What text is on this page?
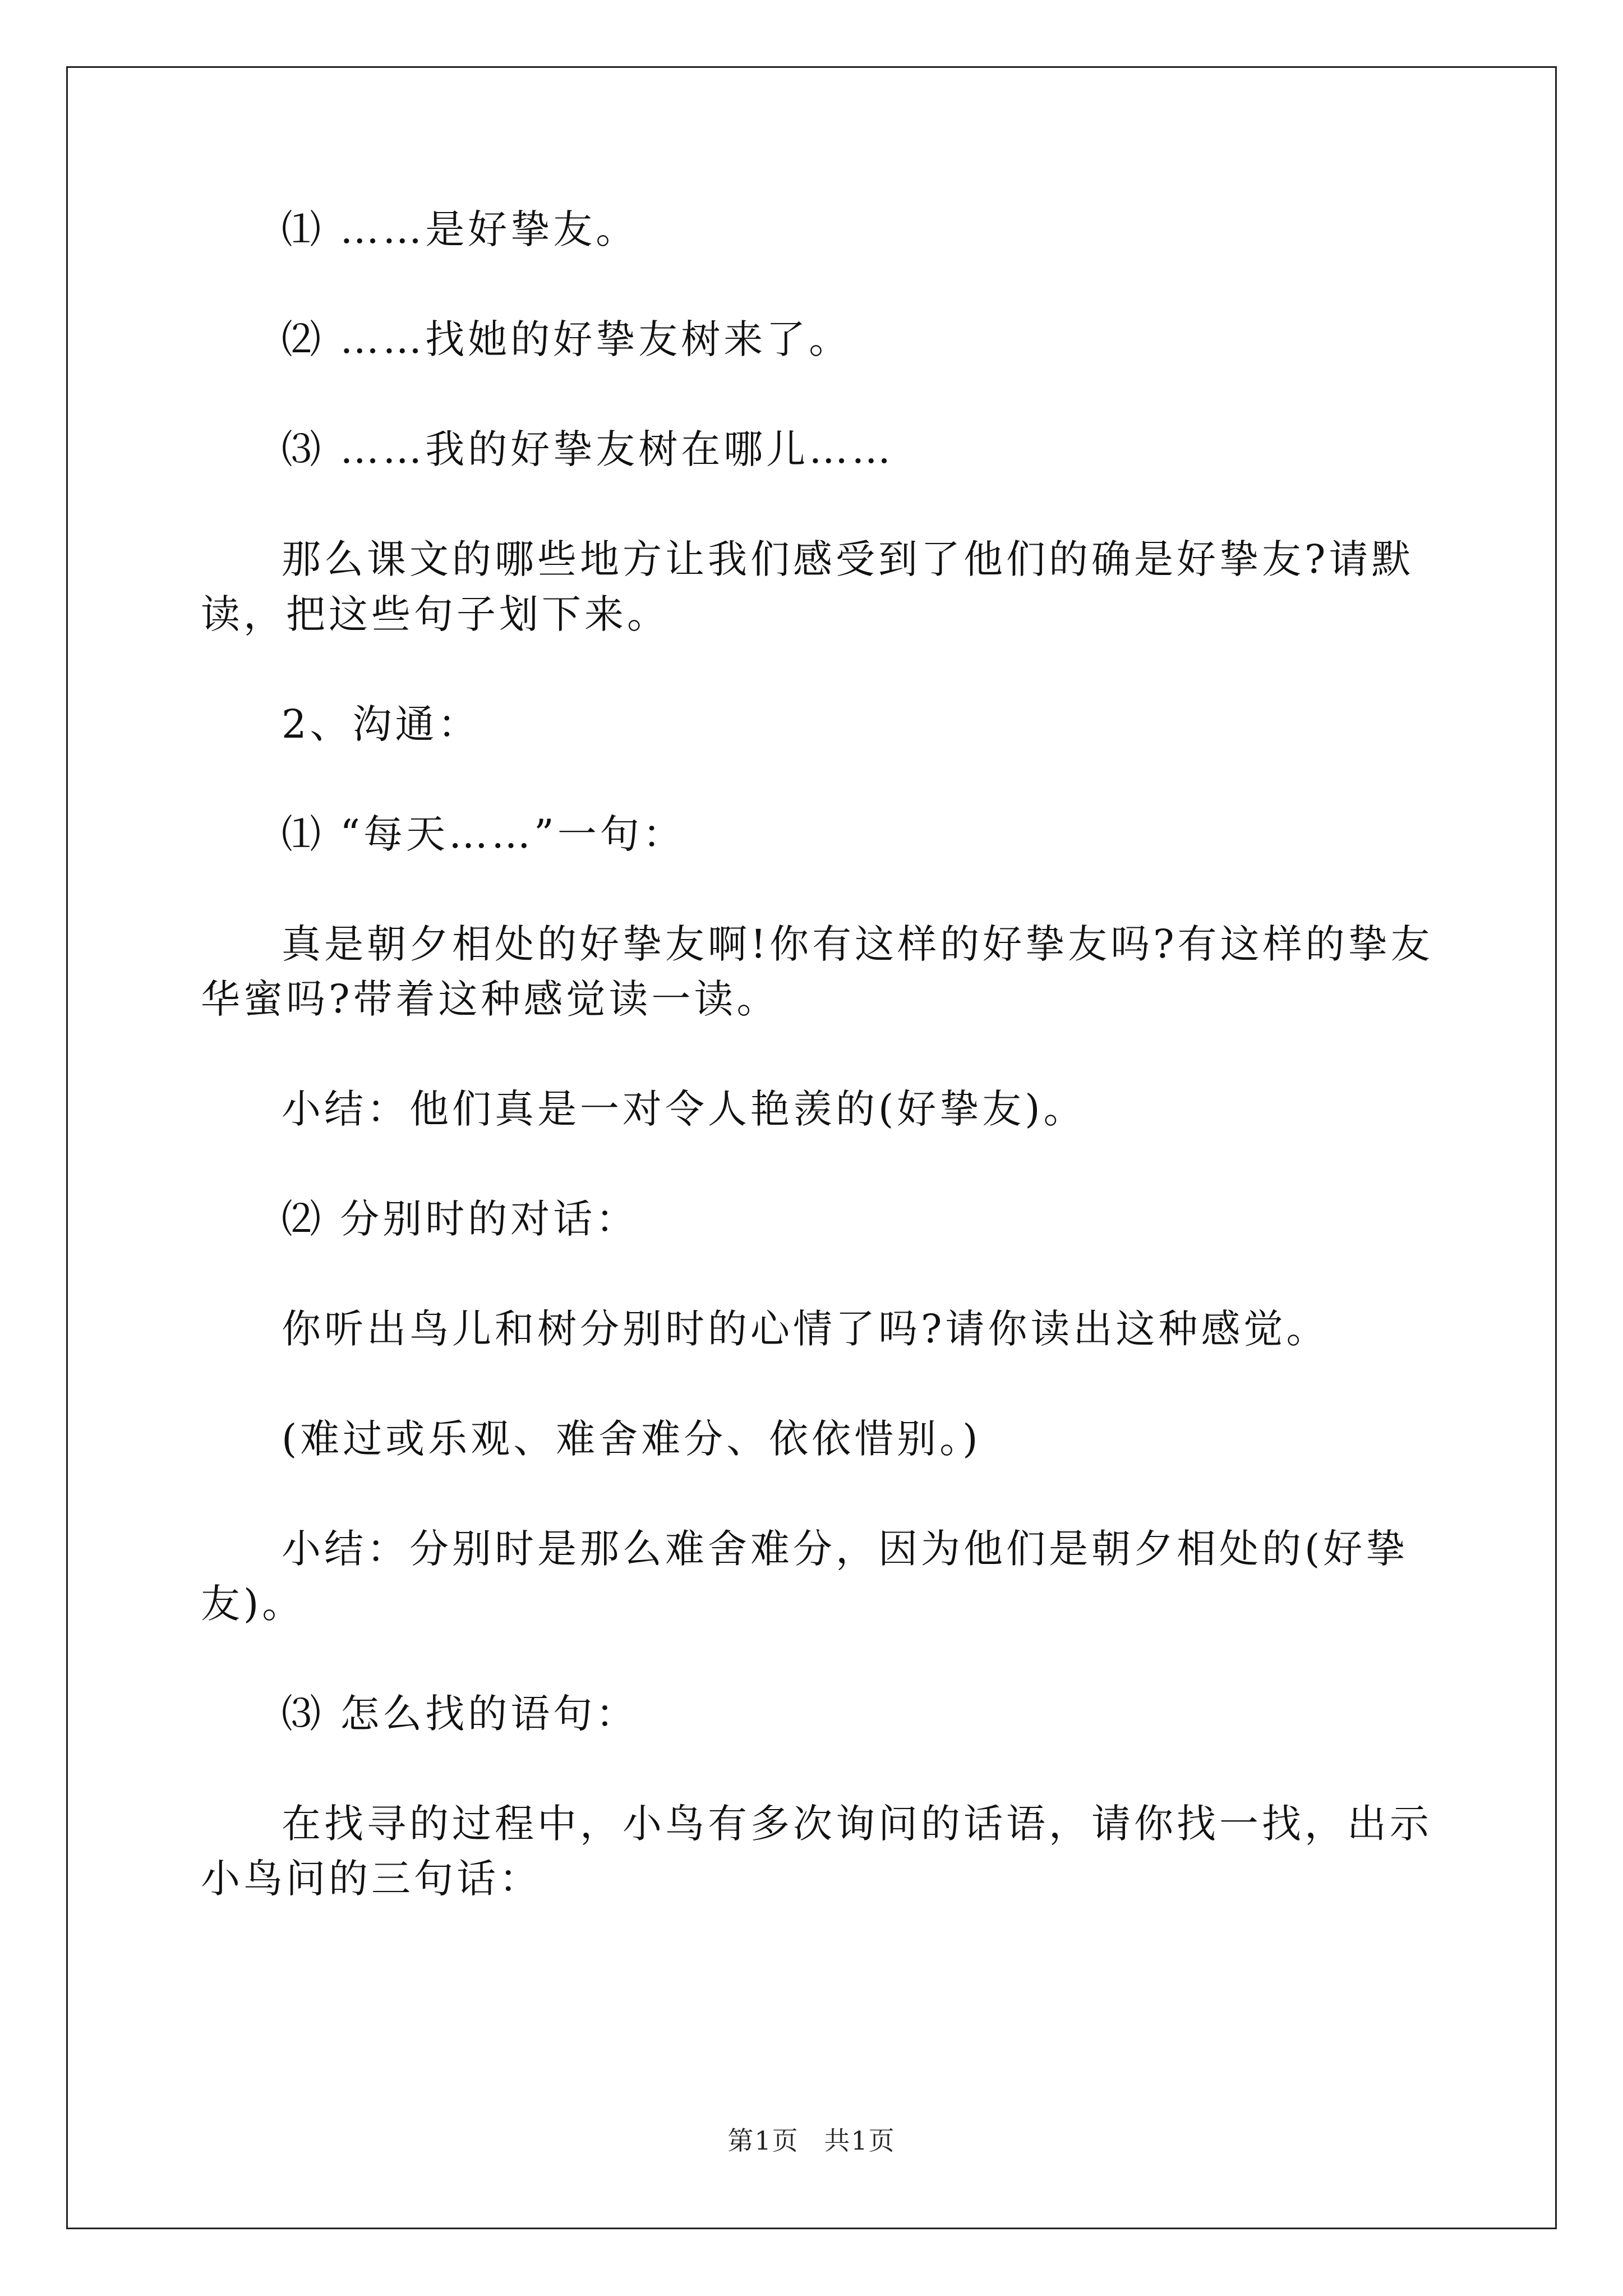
⑴ ……是好挚友。

⑵ ……找她的好挚友树来了。

⑶ ……我的好挚友树在哪儿……

那么课文的哪些地方让我们感受到了他们的确是好挚友?请默读，把这些句子划下来。

2、沟通：

⑴ “每天……”一句：

真是朝夕相处的好挚友啊!你有这样的好挚友吗?有这样的挚友华蜜吗?带着这种感觉读一读。

小结：他们真是一对令人艳羡的(好挚友)。

⑵ 分别时的对话：

你听出鸟儿和树分别时的心情了吗?请你读出这种感觉。

(难过或乐观、难舍难分、依依惜别。)

小结：分别时是那么难舍难分，因为他们是朝夕相处的(好挚友)。

⑶ 怎么找的语句：

在找寻的过程中，小鸟有多次询问的话语，请你找一找，出示小鸟问的三句话：

第1页 共1页
